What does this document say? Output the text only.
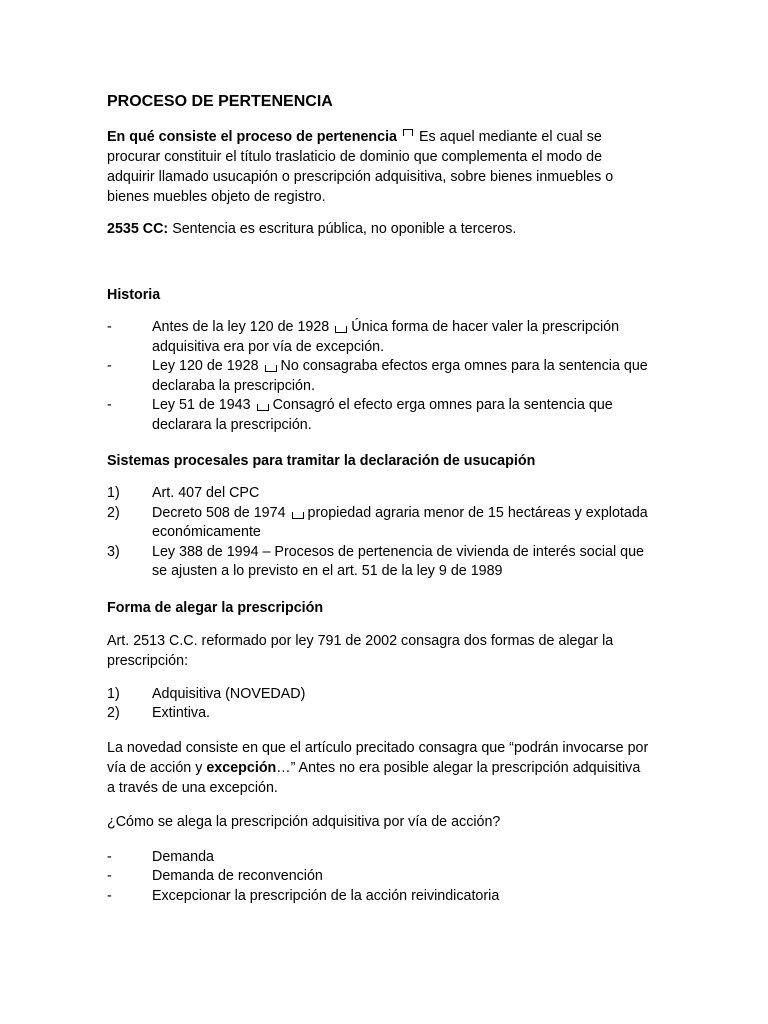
PROCESO DE PERTENENCIA

En qué consiste el proceso de pertenencia Es aquel mediante el cual se procurar constituir el título traslaticio de dominio que complementa el modo de adquirir llamado usucapión o prescripción adquisitiva, sobre bienes inmuebles o bienes muebles objeto de registro.

2535 CC: Sentencia es escritura pública, no oponible a terceros.

Historia
-	Antes de la ley 120 de 1928 Única forma de hacer valer la prescripción adquisitiva era por vía de excepción.
-	Ley 120 de 1928 No consagraba efectos erga omnes para la sentencia que declaraba la prescripción.
-	Ley 51 de 1943 Consagró el efecto erga omnes para la sentencia que declarara la prescripción.
Sistemas procesales para tramitar la declaración de usucapión
1)	Art. 407 del CPC
2)	Decreto 508 de 1974 propiedad agraria menor de 15 hectáreas y explotada económicamente
3)	Ley 388 de 1994 – Procesos de pertenencia de vivienda de interés social que se ajusten a lo previsto en el art. 51 de la ley 9 de 1989
Forma de alegar la prescripción

Art. 2513 C.C. reformado por ley 791 de 2002 consagra dos formas de alegar la prescripción:

1)	Adquisitiva (NOVEDAD)
2)	Extintiva.

La novedad consiste en que el artículo precitado consagra que “podrán invocarse por vía de acción y excepción…” Antes no era posible alegar la prescripción adquisitiva a través de una excepción.

¿Cómo se alega la prescripción adquisitiva por vía de acción?

-	Demanda
-	Demanda de reconvención
-	Excepcionar la prescripción de la acción reivindicatoria
